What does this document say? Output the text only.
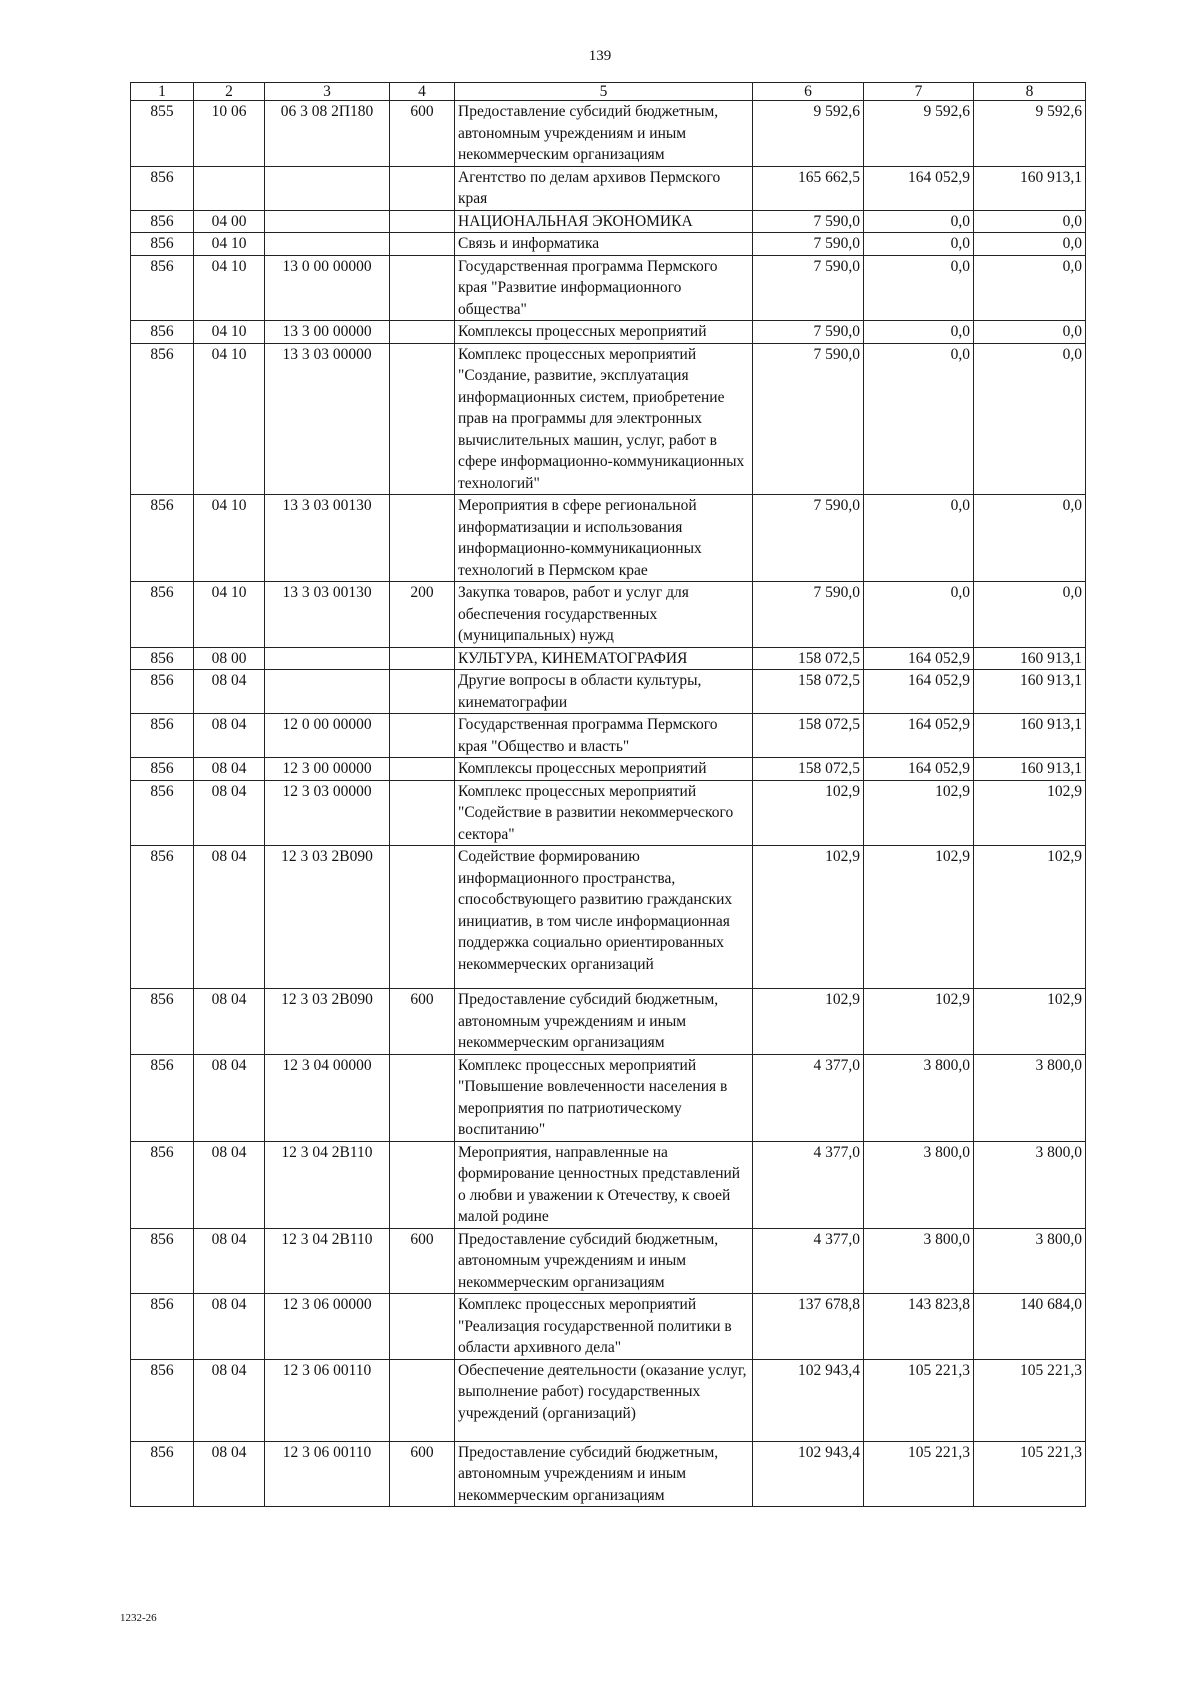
139
1	2	3	4	5	6	7	8
855	10 06	06 3 08 2П180	600	Предоставление субсидий бюджетным, автономным учреждениям и иным некоммерческим организациям	9 592,6	9 592,6	9 592,6
856				Агентство по делам архивов Пермского края	165 662,5	164 052,9	160 913,1
856	04 00			НАЦИОНАЛЬНАЯ ЭКОНОМИКА	7 590,0	0,0	0,0
856	04 10			Связь и информатика	7 590,0	0,0	0,0
856	04 10	13 0 00 00000		Государственная программа Пермского края "Развитие информационного общества"	7 590,0	0,0	0,0
856	04 10	13 3 00 00000		Комплексы процессных мероприятий	7 590,0	0,0	0,0
856	04 10	13 3 03 00000		Комплекс процессных мероприятий "Создание, развитие, эксплуатация информационных систем, приобретение прав на программы для электронных вычислительных машин, услуг, работ в сфере информационно-коммуникационных технологий"	7 590,0	0,0	0,0
856	04 10	13 3 03 00130		Мероприятия в сфере региональной информатизации и использования информационно-коммуникационных технологий в Пермском крае	7 590,0	0,0	0,0
856	04 10	13 3 03 00130	200	Закупка товаров, работ и услуг для обеспечения государственных (муниципальных) нужд	7 590,0	0,0	0,0
856	08 00			КУЛЬТУРА, КИНЕМАТОГРАФИЯ	158 072,5	164 052,9	160 913,1
856	08 04			Другие вопросы в области культуры, кинематографии	158 072,5	164 052,9	160 913,1
856	08 04	12 0 00 00000		Государственная программа Пермского края "Общество и власть"	158 072,5	164 052,9	160 913,1
856	08 04	12 3 00 00000		Комплексы процессных мероприятий	158 072,5	164 052,9	160 913,1
856	08 04	12 3 03 00000		Комплекс процессных мероприятий "Содействие в развитии некоммерческого сектора"	102,9	102,9	102,9
856	08 04	12 3 03 2В090		Содействие формированию информационного пространства, способствующего развитию гражданских инициатив, в том числе информационная поддержка социально ориентированных некоммерческих организаций	102,9	102,9	102,9
856	08 04	12 3 03 2В090	600	Предоставление субсидий бюджетным, автономным учреждениям и иным некоммерческим организациям	102,9	102,9	102,9
856	08 04	12 3 04 00000		Комплекс процессных мероприятий "Повышение вовлеченности населения в мероприятия по патриотическому воспитанию"	4 377,0	3 800,0	3 800,0
856	08 04	12 3 04 2В110		Мероприятия, направленные на формирование ценностных представлений о любви и уважении к Отечеству, к своей малой родине	4 377,0	3 800,0	3 800,0
856	08 04	12 3 04 2В110	600	Предоставление субсидий бюджетным, автономным учреждениям и иным некоммерческим организациям	4 377,0	3 800,0	3 800,0
856	08 04	12 3 06 00000		Комплекс процессных мероприятий "Реализация государственной политики в области архивного дела"	137 678,8	143 823,8	140 684,0
856	08 04	12 3 06 00110		Обеспечение деятельности (оказание услуг, выполнение работ) государственных учреждений (организаций)	102 943,4	105 221,3	105 221,3
856	08 04	12 3 06 00110	600	Предоставление субсидий бюджетным, автономным учреждениям и иным некоммерческим организациям	102 943,4	105 221,3	105 221,3
1232-26
